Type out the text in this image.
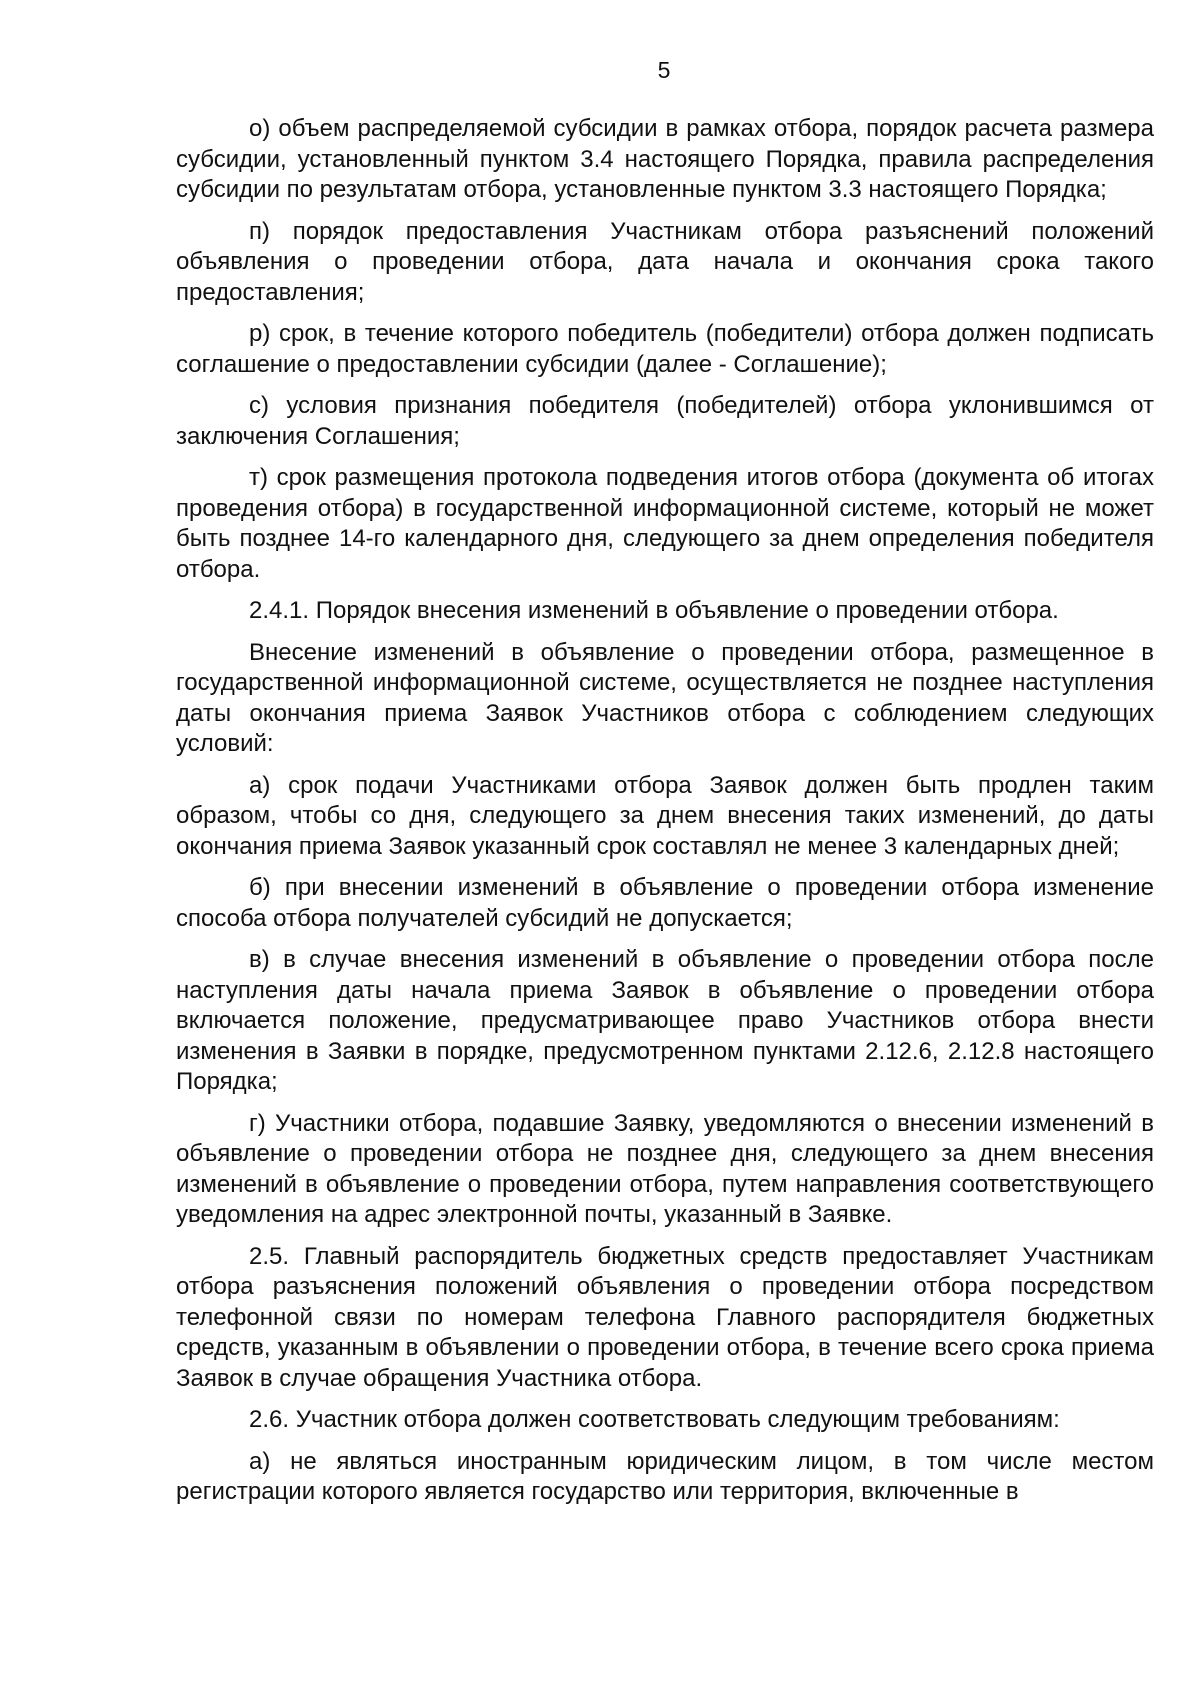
5

о) объем распределяемой субсидии в рамках отбора, порядок расчета размера субсидии, установленный пунктом 3.4 настоящего Порядка, правила распределения субсидии по результатам отбора, установленные пунктом 3.3 настоящего Порядка;

п) порядок предоставления Участникам отбора разъяснений положений объявления о проведении отбора, дата начала и окончания срока такого предоставления;

р) срок, в течение которого победитель (победители) отбора должен подписать соглашение о предоставлении субсидии (далее - Соглашение);

с) условия признания победителя (победителей) отбора уклонившимся от заключения Соглашения;

т) срок размещения протокола подведения итогов отбора (документа об итогах проведения отбора) в государственной информационной системе, который не может быть позднее 14-го календарного дня, следующего за днем определения победителя отбора.

2.4.1. Порядок внесения изменений в объявление о проведении отбора.

Внесение изменений в объявление о проведении отбора, размещенное в государственной информационной системе, осуществляется не позднее наступления даты окончания приема Заявок Участников отбора с соблюдением следующих условий:

а) срок подачи Участниками отбора Заявок должен быть продлен таким образом, чтобы со дня, следующего за днем внесения таких изменений, до даты окончания приема Заявок указанный срок составлял не менее 3 календарных дней;

б) при внесении изменений в объявление о проведении отбора изменение способа отбора получателей субсидий не допускается;

в) в случае внесения изменений в объявление о проведении отбора после наступления даты начала приема Заявок в объявление о проведении отбора включается положение, предусматривающее право Участников отбора внести изменения в Заявки в порядке, предусмотренном пунктами 2.12.6, 2.12.8 настоящего Порядка;

г) Участники отбора, подавшие Заявку, уведомляются о внесении изменений в объявление о проведении отбора не позднее дня, следующего за днем внесения изменений в объявление о проведении отбора, путем направления соответствующего уведомления на адрес электронной почты, указанный в Заявке.

2.5. Главный распорядитель бюджетных средств предоставляет Участникам отбора разъяснения положений объявления о проведении отбора посредством телефонной связи по номерам телефона Главного распорядителя бюджетных средств, указанным в объявлении о проведении отбора, в течение всего срока приема Заявок в случае обращения Участника отбора.

2.6. Участник отбора должен соответствовать следующим требованиям:

а) не являться иностранным юридическим лицом, в том числе местом регистрации которого является государство или территория, включенные в
